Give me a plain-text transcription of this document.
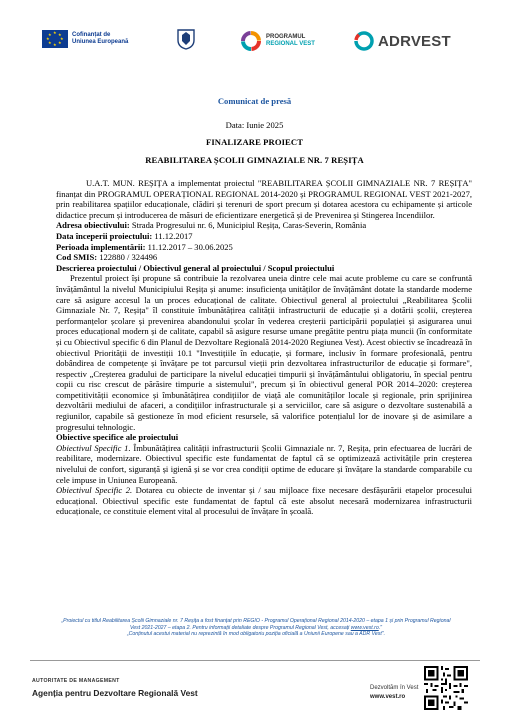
★ ★
★
★
★
★
★
★	Cofinanțat de
Uniunea Europeană
PROGRAMUL
REGIONAL VEST	ADRVEST
Comunicat de presă
Data: Iunie 2025
FINALIZARE PROIECT
REABILITAREA ȘCOLII GIMNAZIALE NR. 7 REȘIȚA

U.A.T. MUN. REȘIȚA a implementat proiectul "REABILITAREA ȘCOLII GIMNAZIALE NR. 7 REȘIȚA" finanțat din PROGRAMUL OPERAȚIONAL REGIONAL 2014-2020 și PROGRAMUL REGIONAL VEST 2021-2027, prin reabilitarea spațiilor educaționale, clădiri și terenuri de sport precum și dotarea acestora cu echipamente și articole didactice precum și introducerea de măsuri de eficientizare energetică și de Prevenirea și Stingerea Incendiilor.

Adresa obiectivului: Strada Progresului nr. 6, Municipiul Reșița, Caras-Severin, România

Data începerii proiectului: 11.12.2017

Perioada implementării: 11.12.2017 – 30.06.2025

Cod SMIS: 122880 / 324496

Descrierea proiectului / Obiectivul general al proiectului / Scopul proiectului

Prezentul proiect își propune să contribuie la rezolvarea uneia dintre cele mai acute probleme cu care se confruntă învățământul la nivelul Municipiului Reșița și anume: insuficiența unităților de învățământ dotate la standarde moderne care să asigure accesul la un proces educațional de calitate. Obiectivul general al proiectului „Reabilitarea Școlii Gimnaziale Nr. 7, Reșița" îl constituie îmbunătățirea calității infrastructurii de educație și a dotării școlii, creșterea performanțelor școlare și prevenirea abandonului școlar în vederea creșterii participării populației și asigurarea unui proces educațional modern și de calitate, capabil să asigure resurse umane pregătite pentru piața muncii (în conformitate și cu Obiectivul specific 6 din Planul de Dezvoltare Regională 2014-2020 Regiunea Vest). Acest obiectiv se încadrează în obiectivul Priorității de investiții 10.1 "Investițiile în educație, și formare, inclusiv în formare profesională, pentru dobândirea de competențe și învățare pe tot parcursul vieții prin dezvoltarea infrastructurilor de educație și formare", respectiv „Creșterea gradului de participare la nivelul educației timpurii și învățământului obligatoriu, în special pentru copii cu risc crescut de părăsire timpurie a sistemului", precum și în obiectivul general POR 2014–2020: creșterea competitivității economice și îmbunătățirea condițiilor de viață ale comunităților locale și regionale, prin sprijinirea dezvoltării mediului de afaceri, a condițiilor infrastructurale și a serviciilor, care să asigure o dezvoltare sustenabilă a regiunilor, capabile să gestioneze în mod eficient resursele, să valorifice potențialul lor de inovare și de asimilare a progresului tehnologic.

Obiective specifice ale proiectului

Obiectivul Specific 1. Îmbunătățirea calității infrastructurii Școlii Gimnaziale nr. 7, Reșița, prin efectuarea de lucrări de reabilitare, modernizare. Obiectivul specific este fundamentat de faptul că se optimizează activitățile prin creșterea nivelului de confort, siguranță și igienă și se vor crea condiții optime de educare și învățare la standarde comparabile cu cele impuse in Uniunea Europeană.

Obiectivul Specific 2. Dotarea cu obiecte de inventar și / sau mijloace fixe necesare desfășurării etapelor procesului educațional. Obiectivul specific este fundamentat de faptul că este absolut necesară modernizarea infrastructurii educaționale, ce constituie element vital al procesului de învățare în școală.

„Proiectul cu titlul Reabilitarea Școlii Gimnaziale nr. 7 Reșița a fost finanțat prin REGIO - Programul Operațional Regional 2014-2020 – etapa 1 și prin Programul Regional Vest 2021-2027 – etapa 2. Pentru informații detaliate despre Programul Regional Vest, accesați www.vest.ro."
„Conținutul acestui material nu reprezintă în mod obligatoriu poziția oficială a Uniunii Europene sau a ADR Vest".
AUTORITATE DE MANAGEMENT
Agenția pentru Dezvoltare Regională Vest	Dezvoltăm în Vest
www.vest.ro
